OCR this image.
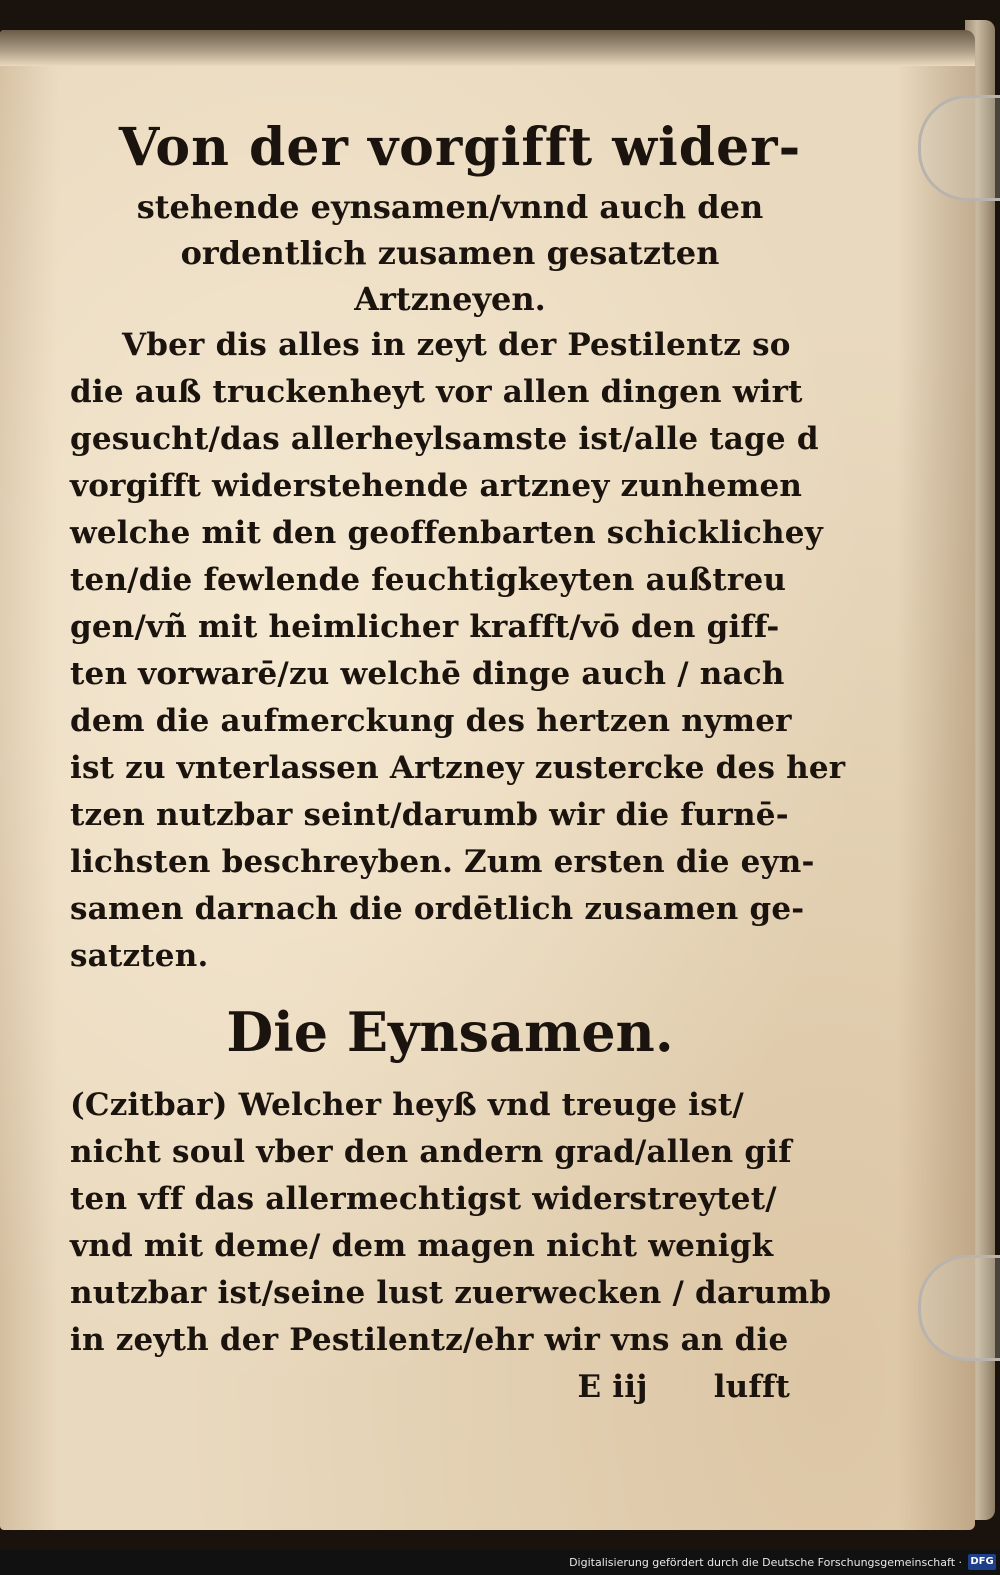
Von der vorgifft wider-
stehende eynsamen/vnnd auch den
ordentlich zusamen gesatzten
Artzneyen.
Vber dis alles in zeyt der Pestilentz so
die auß truckenheyt vor allen dingen wirt
gesucht/das allerheylsamste ist/alle tage d
vorgifft widerstehende artzney zunhemen
welche mit den geoffenbarten schicklichey
ten/die fewlende feuchtigkeyten außtreu
gen/vñ mit heimlicher krafft/vō den giff-
ten vorwarē/zu welchē dinge auch / nach
dem die aufmerckung des hertzen nymer
ist zu vnterlassen Artzney zustercke des her
tzen nutzbar seint/darumb wir die furnē-
lichsten beschreyben. Zum ersten die eyn-
samen darnach die ordētlich zusamen ge-
satzten.
Die Eynsamen.
(Czitbar) Welcher heyß vnd treuge ist/
nicht soul vber den andern grad/allen gif
ten vff das allermechtigst widerstreytet/
vnd mit deme/ dem magen nicht wenigk
nutzbar ist/seine lust zuerwecken / darumb
in zeyth der Pestilentz/ehr wir vns an die
E iij lufft
Digitalisierung gefördert durch die Deutsche Forschungsgemeinschaft · DFG
